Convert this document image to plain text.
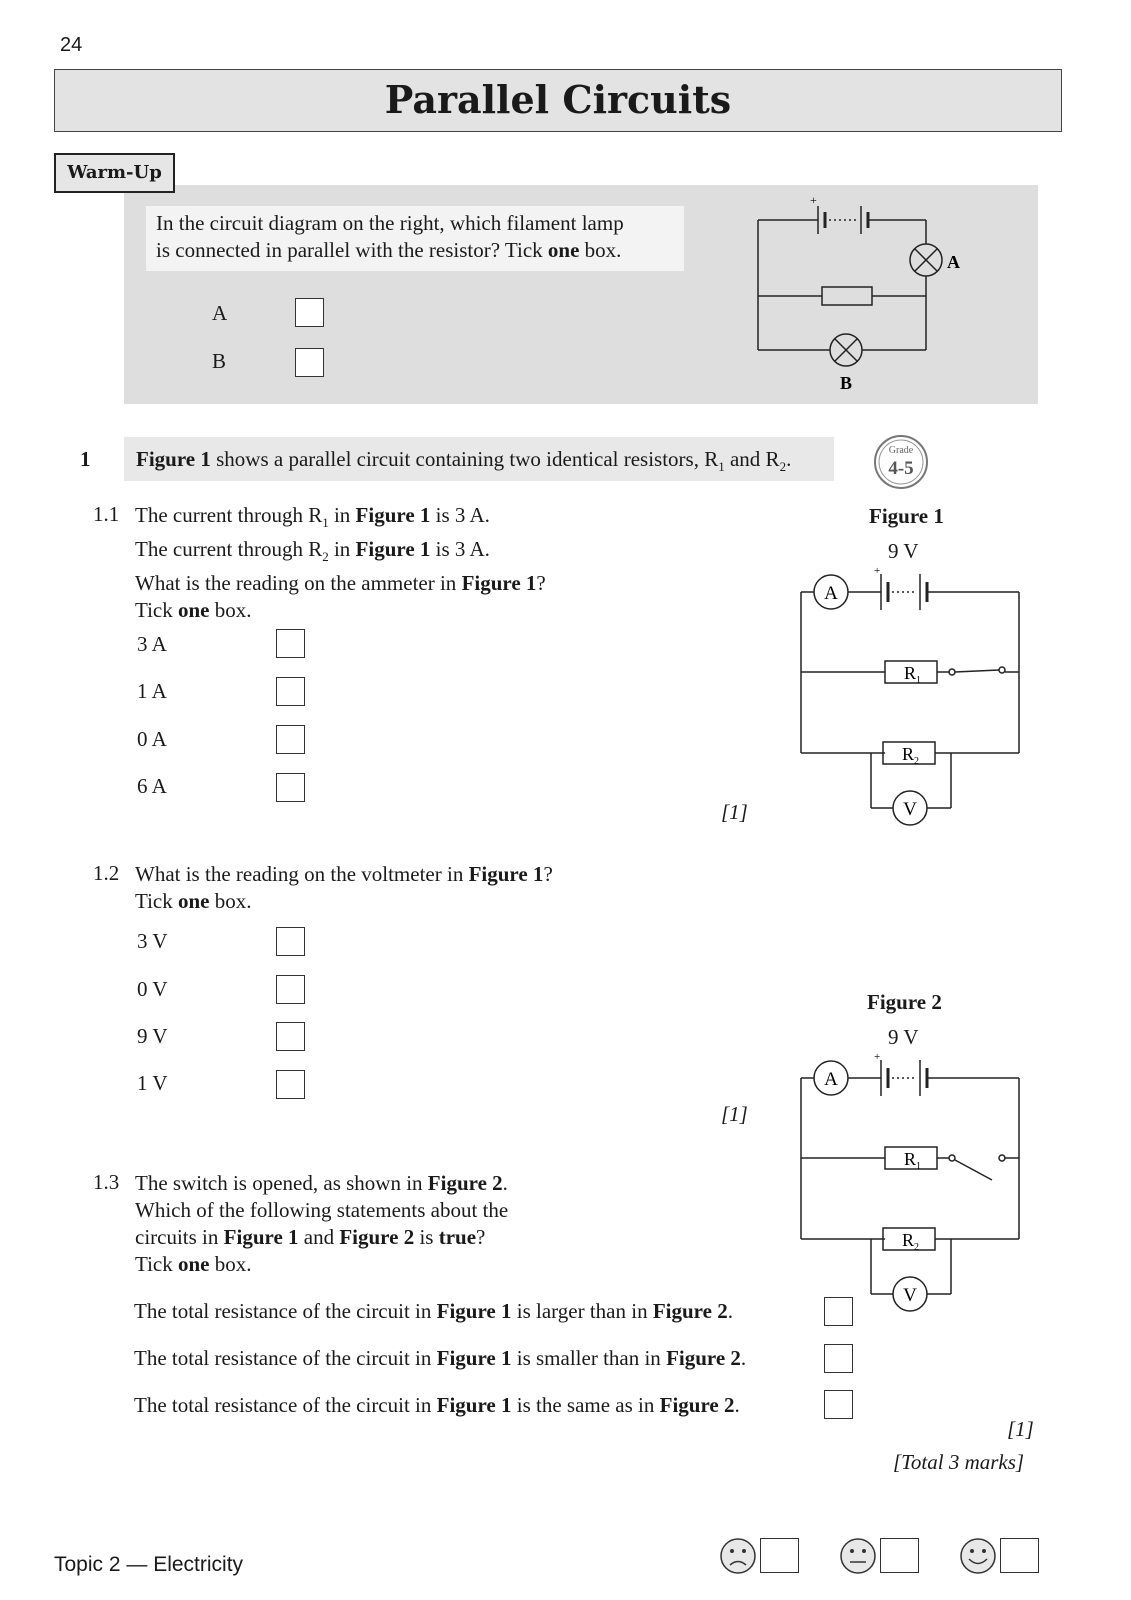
24
Parallel Circuits
Warm-Up
In the circuit diagram on the right, which filament lamp
is connected in parallel with the resistor? Tick one box.
A
B
+
A
B
1	Figure 1 shows a parallel circuit containing two identical resistors, $R_1$ and $R_2$.	Grade
4-5
1.1 The current through $R_1$ in Figure 1 is 3 A.
The current through $R_2$ in Figure 1 is 3 A.
What is the reading on the ammeter in Figure 1?
Tick one box.
3 A
1 A
0 A
6 A
[1]
Figure 1
9 V
A
V
+
$R_1$
$R_2$
1.2 What is the reading on the voltmeter in Figure 1?
Tick one box.
3 V
0 V
9 V
1 V
[1]
Figure 2
9 V
A
V
+
$R_1$
$R_2$
1.3 The switch is opened, as shown in Figure 2.
Which of the following statements about the
circuits in Figure 1 and Figure 2 is true?
Tick one box.
The total resistance of the circuit in Figure 1 is larger than in Figure 2.
The total resistance of the circuit in Figure 1 is smaller than in Figure 2.
The total resistance of the circuit in Figure 1 is the same as in Figure 2.
[1]
[Total 3 marks]
Topic 2 — Electricity
